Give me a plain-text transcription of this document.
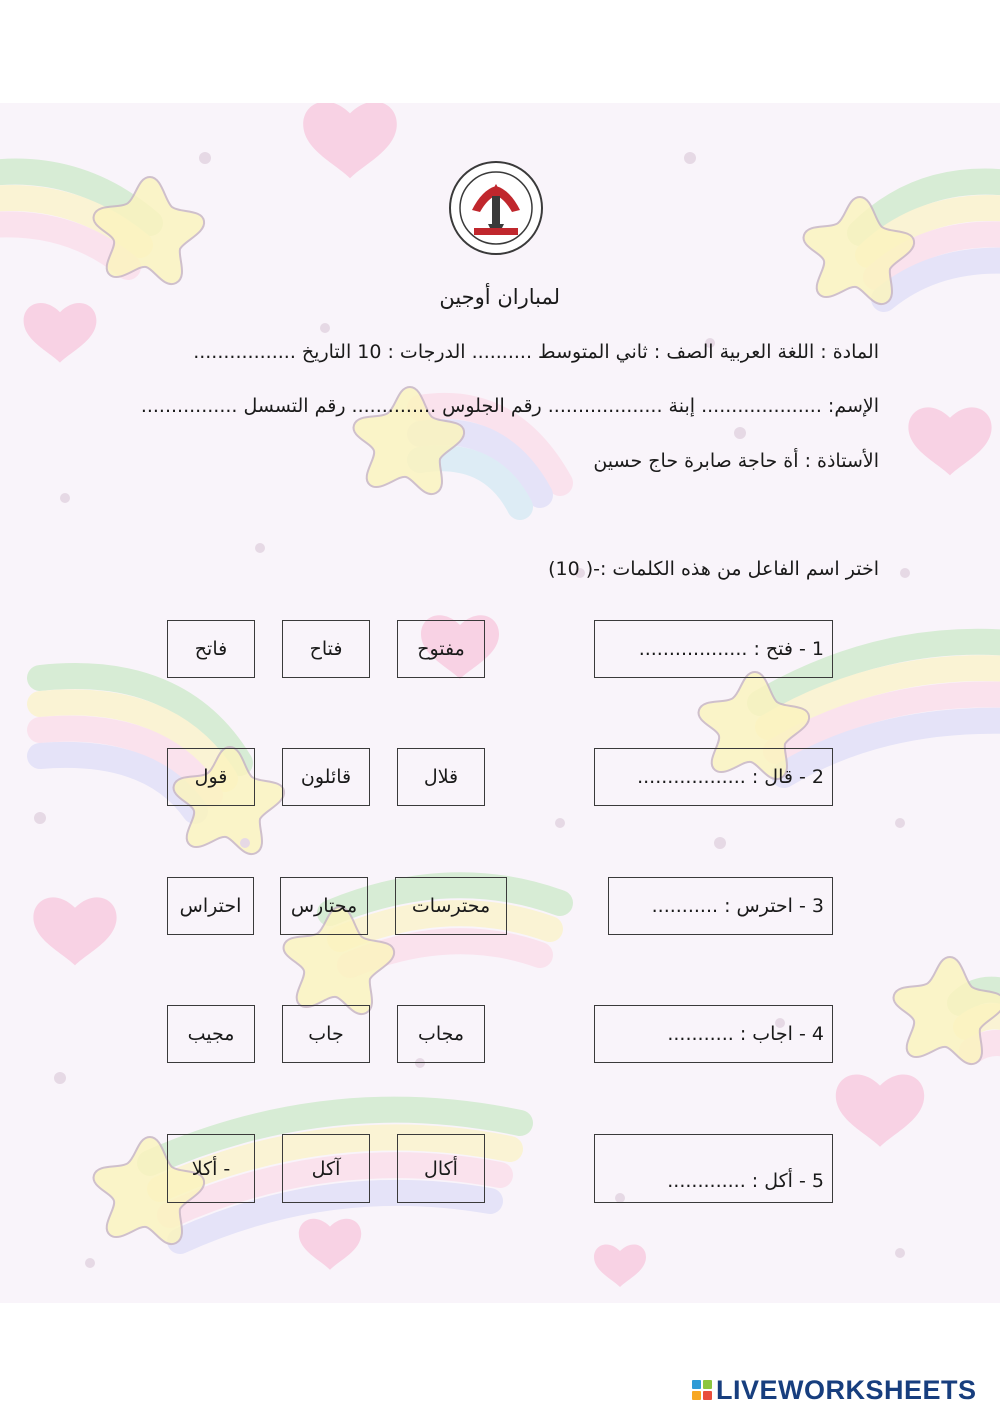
لمباران أوجين
المادة : اللغة العربية الصف : ثاني المتوسط .......... الدرجات : 10 التاريخ .................
الإسم: .................... إبنة ................... رقم الجلوس .............. رقم التسسل ................
الأستاذة : أة حاجة صابرة حاج حسين
اختر اسم الفاعل من هذه الكلمات :-( 10)
1 - فتح : ..................
مفتوح
فتاح
فاتح
2 - قال : ..................
قلال
قائلون
قول
3 - احترس : ...........
محترسات
محتارس
احتراس
4 - اجاب : ...........
مجاب
جاب
مجيب
5 - أكل : .............
أكال
آكل
- أكلا
LIVEWORKSHEETS
